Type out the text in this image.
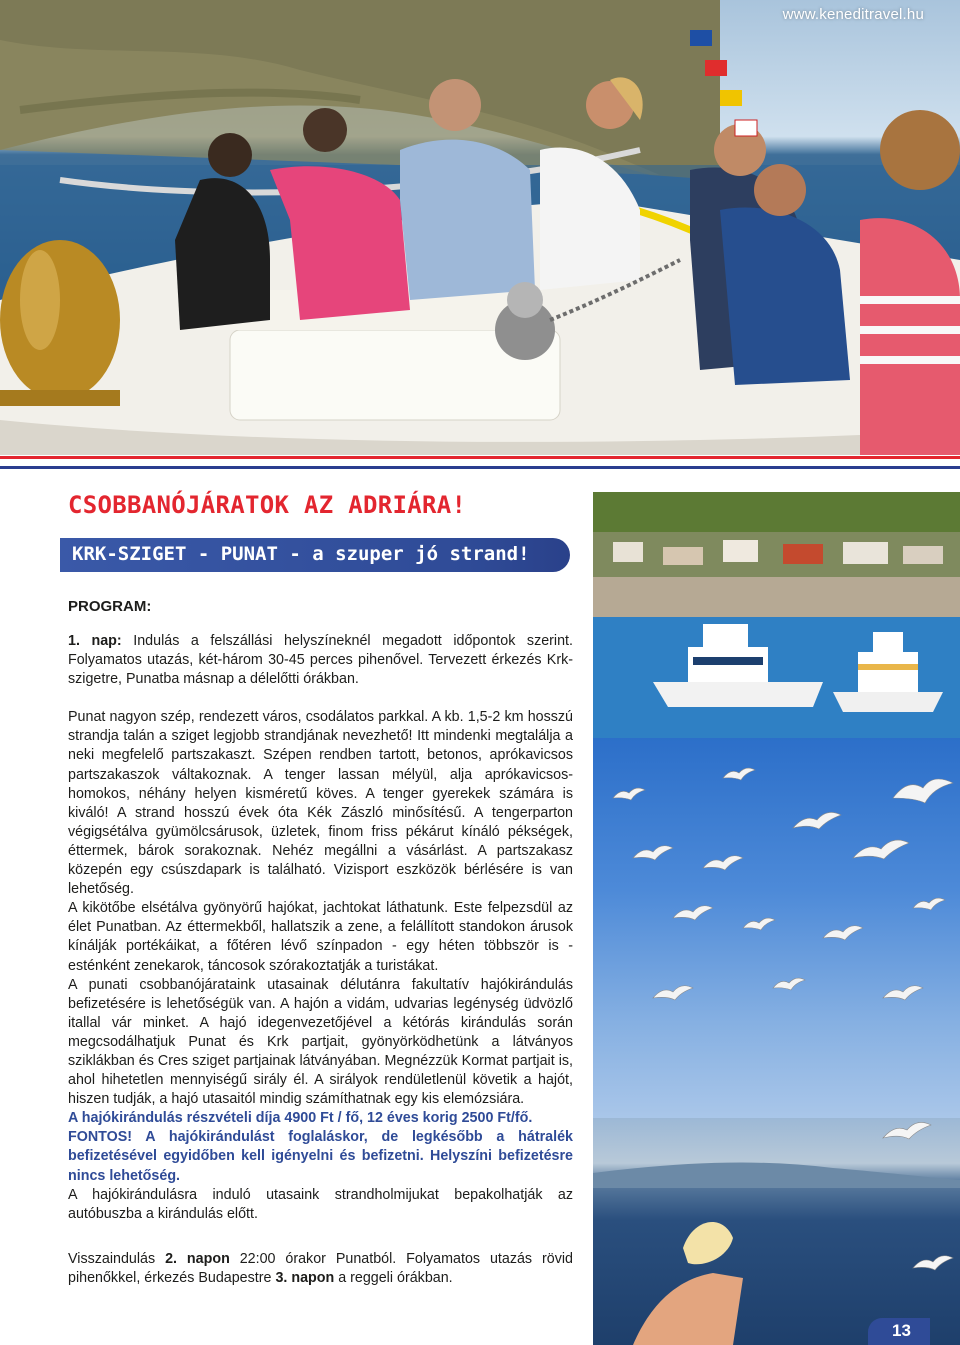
www.keneditravel.hu
CSOBBANÓJÁRATOK AZ ADRIÁRA!
KRK-SZIGET - PUNAT - a szuper jó strand!
PROGRAM:

1. nap: Indulás a felszállási helyszíneknél megadott időpontok szerint. Folyamatos utazás, két-három 30-45 perces pihenővel. Tervezett érkezés Krk-szigetre, Punatba másnap a délelőtti órákban.

Punat nagyon szép, rendezett város, csodálatos parkkal. A kb. 1,5-2 km hosszú strandja talán a sziget legjobb strandjának nevezhető! Itt mindenki megtalálja a neki megfelelő partszakaszt. Szépen rendben tartott, betonos, aprókavicsos partszakaszok váltakoznak. A tenger lassan mélyül, alja aprókavicsos-homokos, néhány helyen kisméretű köves. A tenger gyerekek számára is kiváló! A strand hosszú évek óta Kék Zászló minősítésű. A tengerparton végigsétálva gyümölcsárusok, üzletek, finom friss pékárut kínáló pékségek, éttermek, bárok sorakoznak. Nehéz megállni a vásárlást. A partszakasz közepén egy csúszdapark is található. Vizisport eszközök bérlésére is van lehetőség.

A kikötőbe elsétálva gyönyörű hajókat, jachtokat láthatunk. Este felpezsdül az élet Punatban. Az éttermekből, hallatszik a zene, a felállított standokon árusok kínálják portékáikat, a főtéren lévő színpadon - egy héten többször is - esténként zenekarok, táncosok szórakoztatják a turistákat.

A punati csobbanójárataink utasainak délutánra fakultatív hajókirándulás befizetésére is lehetőségük van. A hajón a vidám, udvarias legénység üdvözlő itallal vár minket. A hajó idegenvezetőjével a kétórás kirándulás során megcsodálhatjuk Punat és Krk partjait, gyönyörködhetünk a látványos sziklákban és Cres sziget partjainak látványában. Megnézzük Kormat partjait is, ahol hihetetlen mennyiségű sirály él. A sirályok rendületlenül követik a hajót, hiszen tudják, a hajó utasaitól mindig számíthatnak egy kis elemózsiára.

A hajókirándulás részvételi díja 4900 Ft / fő, 12 éves korig 2500 Ft/fő.

FONTOS! A hajókirándulást foglaláskor, de legkésőbb a hátralék befizetésével egyidőben kell igényelni és befizetni. Helyszíni befizetésre nincs lehetőség.

A hajókirándulásra induló utasaink strandholmijukat bepakolhatják az autóbuszba a kirándulás előtt.

Visszaindulás 2. napon 22:00 órakor Punatból. Folyamatos utazás rövid pihenőkkel, érkezés Budapestre 3. napon a reggeli órákban.
13
